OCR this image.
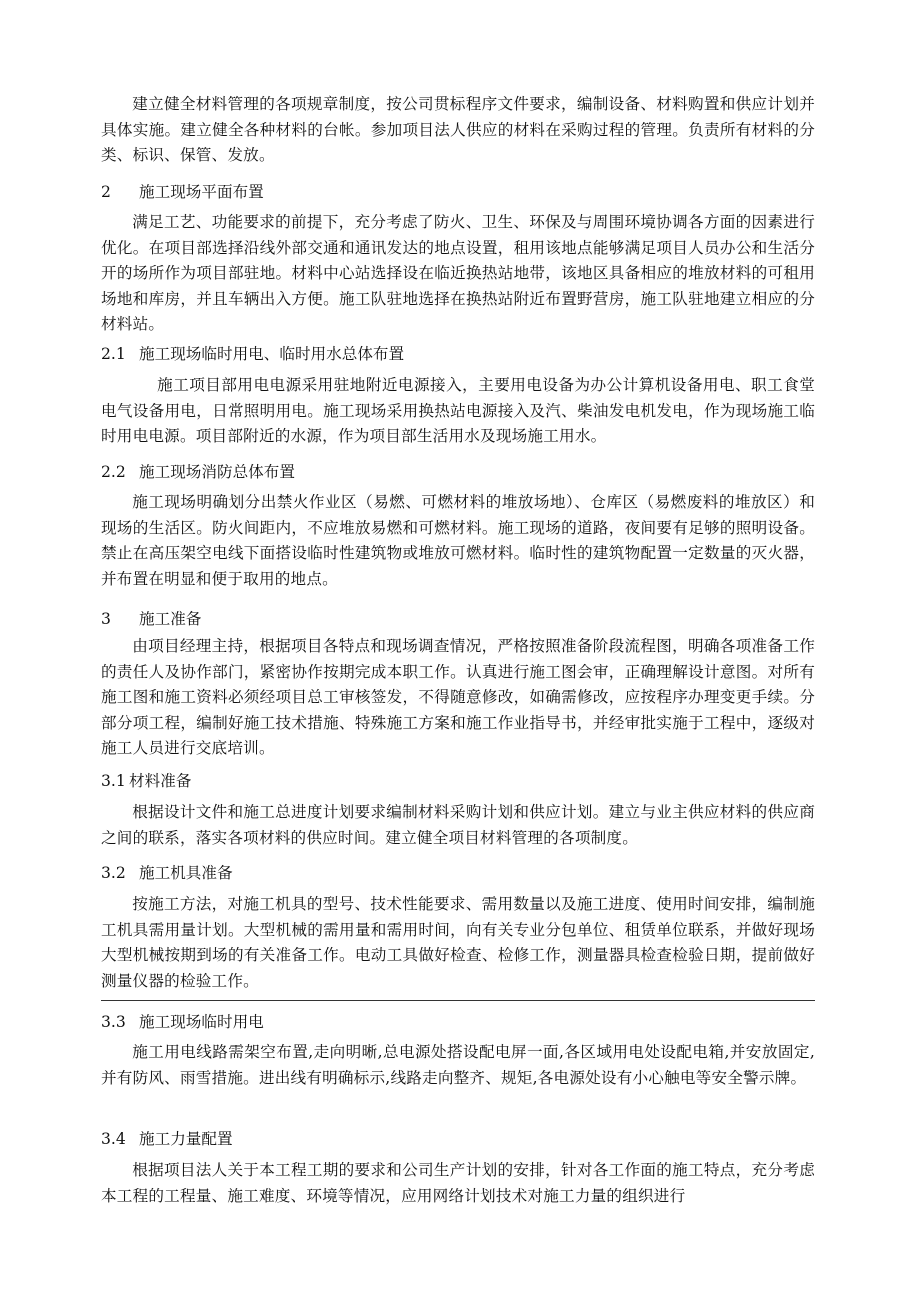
建立健全材料管理的各项规章制度，按公司贯标程序文件要求，编制设备、材料购置和供应计划并具体实施。建立健全各种材料的台帐。参加项目法人供应的材料在采购过程的管理。负责所有材料的分类、标识、保管、发放。

2 施工现场平面布置

满足工艺、功能要求的前提下，充分考虑了防火、卫生、环保及与周围环境协调各方面的因素进行优化。在项目部选择沿线外部交通和通讯发达的地点设置，租用该地点能够满足项目人员办公和生活分开的场所作为项目部驻地。材料中心站选择设在临近换热站地带，该地区具备相应的堆放材料的可租用场地和库房，并且车辆出入方便。施工队驻地选择在换热站附近布置野营房，施工队驻地建立相应的分材料站。

2.1 施工现场临时用电、临时用水总体布置

施工项目部用电电源采用驻地附近电源接入，主要用电设备为办公计算机设备用电、职工食堂电气设备用电，日常照明用电。施工现场采用换热站电源接入及汽、柴油发电机发电，作为现场施工临时用电电源。项目部附近的水源，作为项目部生活用水及现场施工用水。

2.2 施工现场消防总体布置

施工现场明确划分出禁火作业区（易燃、可燃材料的堆放场地）、仓库区（易燃废料的堆放区）和现场的生活区。防火间距内，不应堆放易燃和可燃材料。施工现场的道路，夜间要有足够的照明设备。禁止在高压架空电线下面搭设临时性建筑物或堆放可燃材料。临时性的建筑物配置一定数量的灭火器，并布置在明显和便于取用的地点。

3 施工准备

由项目经理主持，根据项目各特点和现场调查情况，严格按照准备阶段流程图，明确各项准备工作的责任人及协作部门，紧密协作按期完成本职工作。认真进行施工图会审，正确理解设计意图。对所有施工图和施工资料必须经项目总工审核签发，不得随意修改，如确需修改，应按程序办理变更手续。分部分项工程，编制好施工技术措施、特殊施工方案和施工作业指导书，并经审批实施于工程中，逐级对施工人员进行交底培训。

3.1 材料准备

根据设计文件和施工总进度计划要求编制材料采购计划和供应计划。建立与业主供应材料的供应商之间的联系，落实各项材料的供应时间。建立健全项目材料管理的各项制度。

3.2 施工机具准备

按施工方法，对施工机具的型号、技术性能要求、需用数量以及施工进度、使用时间安排，编制施工机具需用量计划。大型机械的需用量和需用时间，向有关专业分包单位、租赁单位联系，并做好现场大型机械按期到场的有关准备工作。电动工具做好检查、检修工作，测量器具检查检验日期，提前做好测量仪器的检验工作。

3.3 施工现场临时用电

施工用电线路需架空布置,走向明晰,总电源处搭设配电屏一面,各区域用电处设配电箱,并安放固定,并有防风、雨雪措施。进出线有明确标示,线路走向整齐、规矩,各电源处设有小心触电等安全警示牌。

3.4 施工力量配置

根据项目法人关于本工程工期的要求和公司生产计划的安排，针对各工作面的施工特点，充分考虑本工程的工程量、施工难度、环境等情况，应用网络计划技术对施工力量的组织进行
